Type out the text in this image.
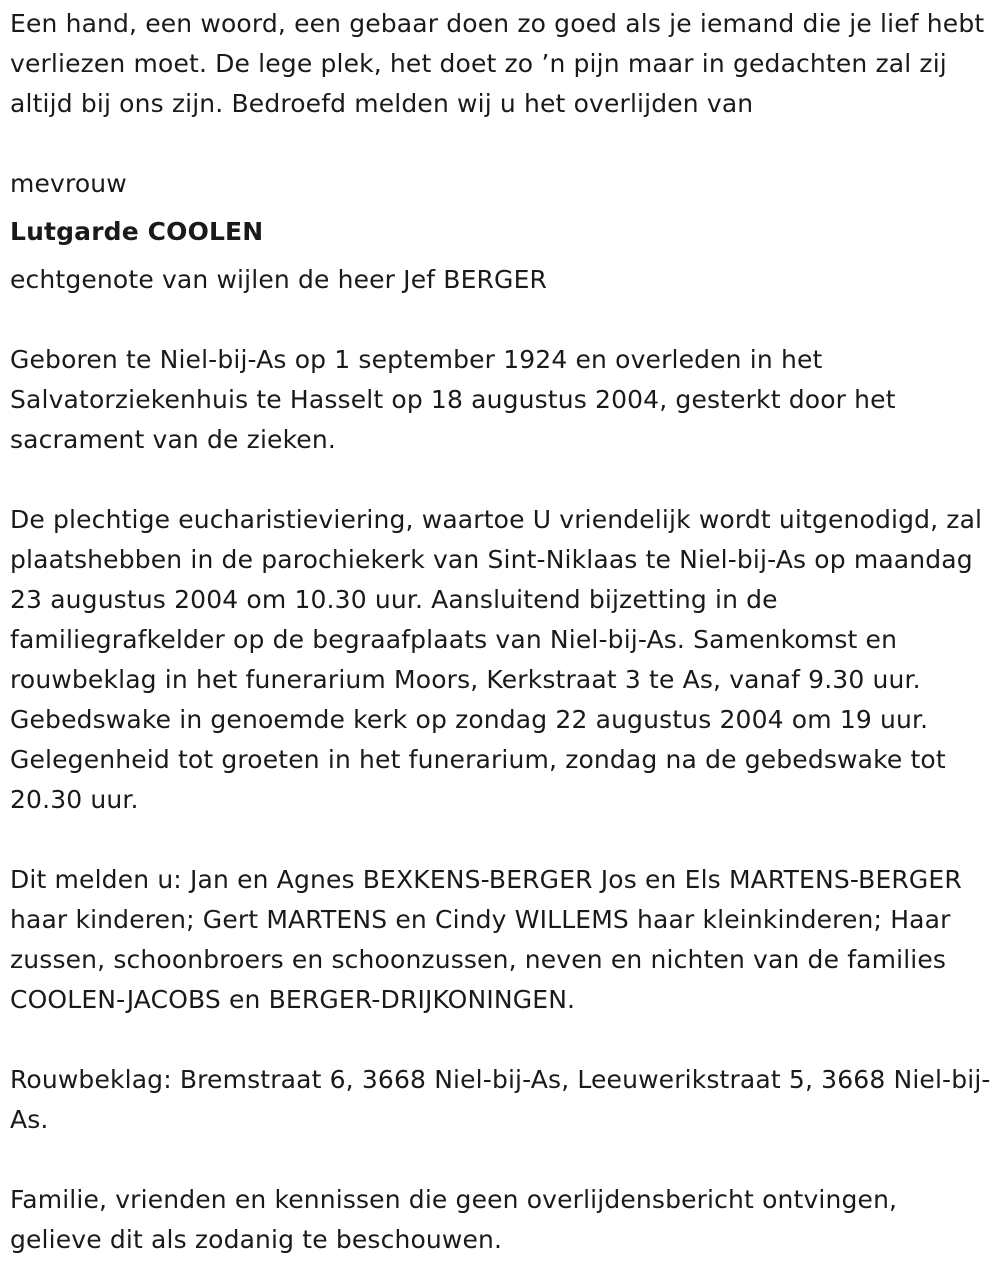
Een hand, een woord, een gebaar doen zo goed als je iemand die je lief hebt verliezen moet. De lege plek, het doet zo ’n pijn maar in gedachten zal zij altijd bij ons zijn. Bedroefd melden wij u het overlijden van

mevrouw

Lutgarde COOLEN

echtgenote van wijlen de heer Jef BERGER

Geboren te Niel-bij-As op 1 september 1924 en overleden in het Salvatorziekenhuis te Hasselt op 18 augustus 2004, gesterkt door het sacrament van de zieken.

De plechtige eucharistieviering, waartoe U vriendelijk wordt uitgenodigd, zal plaatshebben in de parochiekerk van Sint-Niklaas te Niel-bij-As op maandag 23 augustus 2004 om 10.30 uur. Aansluitend bijzetting in de familiegrafkelder op de begraafplaats van Niel-bij-As. Samenkomst en rouwbeklag in het funerarium Moors, Kerkstraat 3 te As, vanaf 9.30 uur. Gebedswake in genoemde kerk op zondag 22 augustus 2004 om 19 uur. Gelegenheid tot groeten in het funerarium, zondag na de gebedswake tot 20.30 uur.

Dit melden u: Jan en Agnes BEXKENS-BERGER Jos en Els MARTENS-BERGER haar kinderen; Gert MARTENS en Cindy WILLEMS haar kleinkinderen; Haar zussen, schoonbroers en schoonzussen, neven en nichten van de families COOLEN-JACOBS en BERGER-DRIJKONINGEN.

Rouwbeklag: Bremstraat 6, 3668 Niel-bij-As, Leeuwerikstraat 5, 3668 Niel-bij-As.

Familie, vrienden en kennissen die geen overlijdensbericht ontvingen, gelieve dit als zodanig te beschouwen.
